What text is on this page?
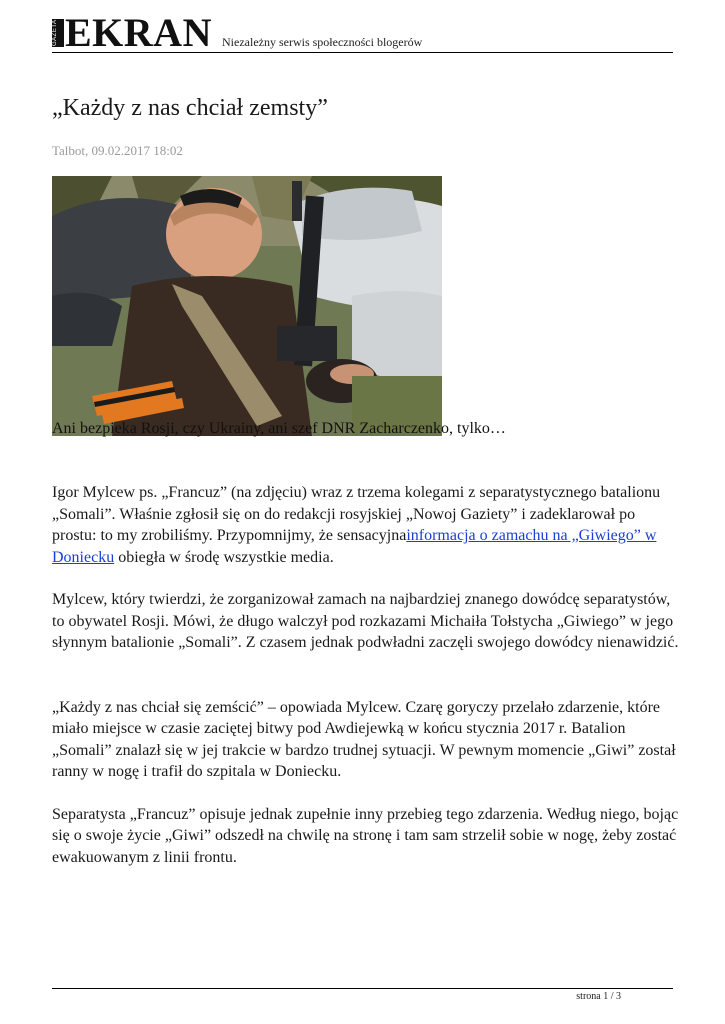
GAZETA EKRAN Niezależny serwis społeczności blogerów
„Każdy z nas chciał zemsty”
Talbot, 09.02.2017 18:02
Ani bezpieka Rosji, czy Ukrainy, ani szef DNR Zacharczenko, tylko…

Igor Mylcew ps. „Francuz” (na zdjęciu) wraz z trzema kolegami z separatystycznego batalionu „Somali”. Właśnie zgłosił się on do redakcji rosyjskiej „Nowoj Gaziety” i zadeklarował po prostu: to my zrobiliśmy. Przypomnijmy, że sensacyjnainformacja o zamachu na „Giwiego” w Doniecku obiegła w środę wszystkie media.

Mylcew, który twierdzi, że zorganizował zamach na najbardziej znanego dowódcę separatystów, to obywatel Rosji. Mówi, że długo walczył pod rozkazami Michaiła Tołstycha „Giwiego” w jego słynnym batalionie „Somali”. Z czasem jednak podwładni zaczęli swojego dowódcy nienawidzić.

„Każdy z nas chciał się zemścić” – opowiada Mylcew. Czarę goryczy przelało zdarzenie, które miało miejsce w czasie zaciętej bitwy pod Awdiejewką w końcu stycznia 2017 r. Batalion „Somali” znalazł się w jej trakcie w bardzo trudnej sytuacji. W pewnym momencie „Giwi” został ranny w nogę i trafił do szpitala w Doniecku.

Separatysta „Francuz” opisuje jednak zupełnie inny przebieg tego zdarzenia. Według niego, bojąc się o swoje życie „Giwi” odszedł na chwilę na stronę i tam sam strzelił sobie w nogę, żeby zostać ewakuowanym z linii frontu.

strona 1 / 3
